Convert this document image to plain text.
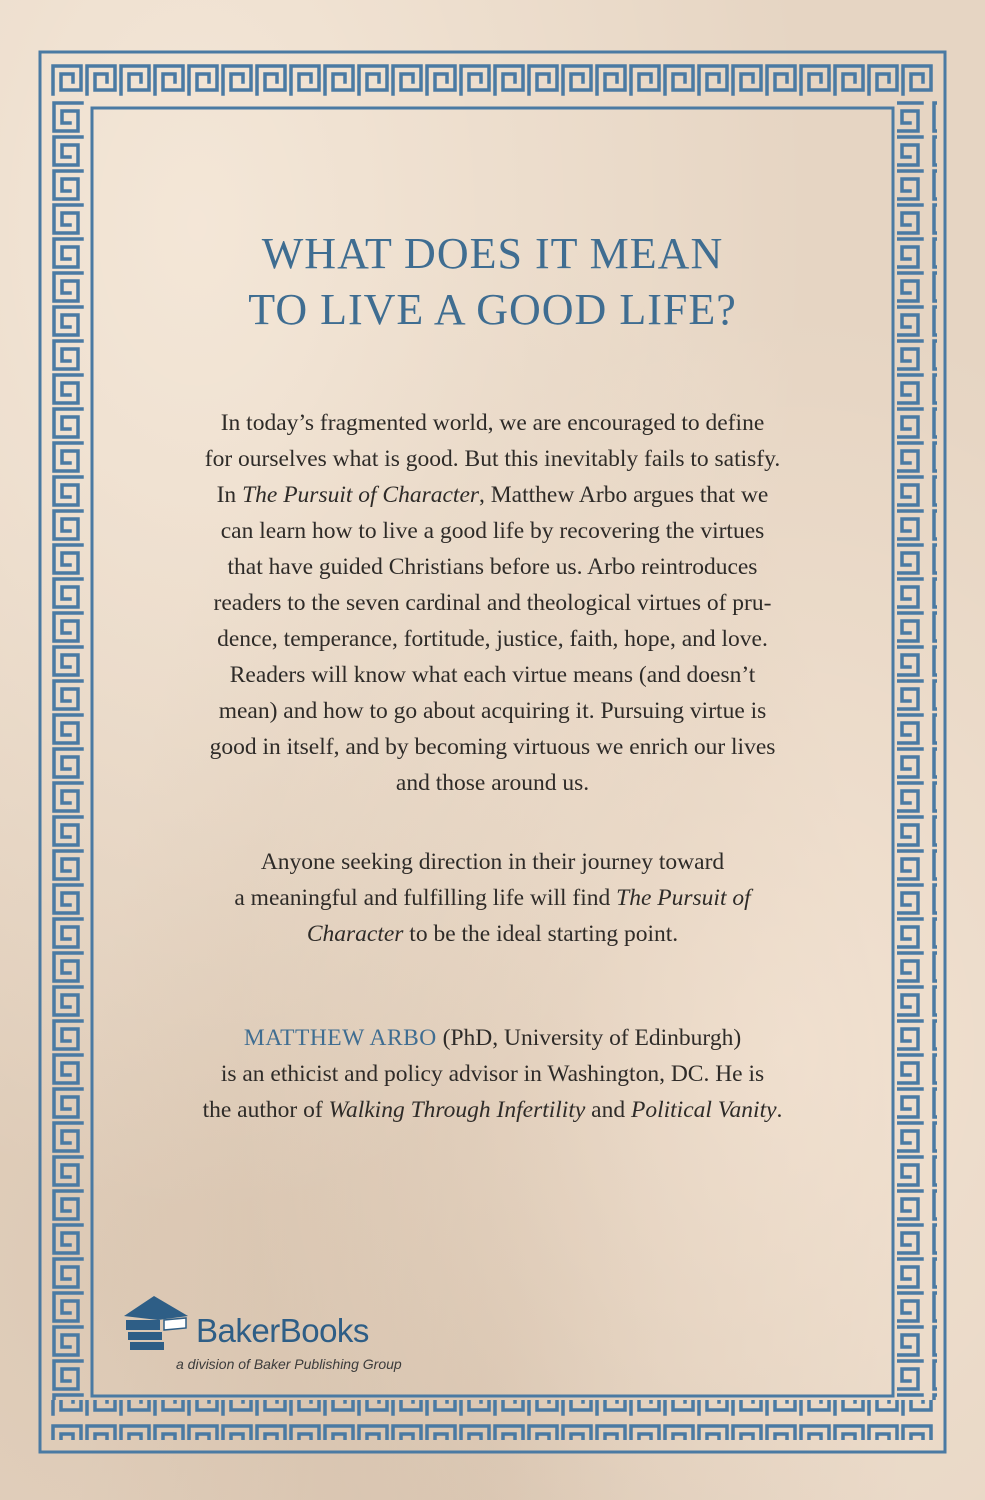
WHAT DOES IT MEAN
TO LIVE A GOOD LIFE?

In today’s fragmented world, we are encouraged to define
for ourselves what is good. But this inevitably fails to satisfy.
In The Pursuit of Character, Matthew Arbo argues that we
can learn how to live a good life by recovering the virtues
that have guided Christians before us. Arbo reintroduces
readers to the seven cardinal and theological virtues of pru-
dence, temperance, fortitude, justice, faith, hope, and love.
Readers will know what each virtue means (and doesn’t
mean) and how to go about acquiring it. Pursuing virtue is
good in itself, and by becoming virtuous we enrich our lives
and those around us.

Anyone seeking direction in their journey toward
a meaningful and fulfilling life will find The Pursuit of
Character to be the ideal starting point.

MATTHEW ARBO (PhD, University of Edinburgh)
is an ethicist and policy advisor in Washington, DC. He is
the author of Walking Through Infertility and Political Vanity.

BakerBooks
a division of Baker Publishing Group
